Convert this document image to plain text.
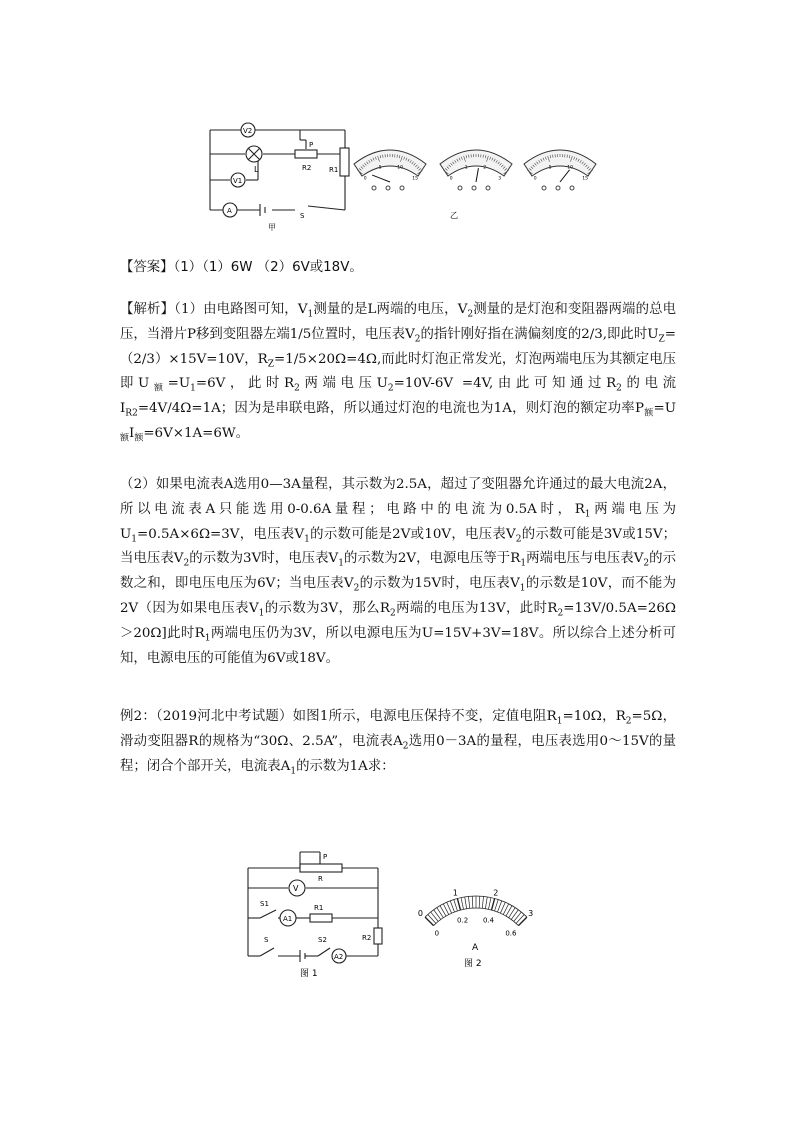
V2
L
P
R2	R1
V1
A
S
甲
0
5	10
15	0
1	2
3	0
5	10
15
乙

【答案】（1）（1）6W （2）6V或18V。

【解析】（1）由电路图可知，$V_1$测量的是L两端的电压，$V_2$测量的是灯泡和变阻器两端的总电压，当滑片P移到变阻器左端1/5位置时，电压表$V_2$的指针刚好指在满偏刻度的2/3,即此时$U_Z=(2/3)\times 15V=10V$，$R_Z=1/5\times 20\Omega=4\Omega$,而此时灯泡正常发光，灯泡两端电压为其额定电压即$U_额=U_1=6V$，此时$R_2$两端电压$U_2=10V-6V =4V$,由此可知通过$R_2$的电流$I_{R2}=4V/4\Omega=1A$；因为是串联电路，所以通过灯泡的电流也为1A，则灯泡的额定功率$P_额=U_额I_额=6V\times 1A=6W$。

（2）如果电流表A选用0—3A量程，其示数为2.5A，超过了变阻器允许通过的最大电流2A，所以电流表A只能选用0-0.6A量程；电路中的电流为0.5A时，$R_1$两端电压为$U_1=0.5A\times 6\Omega=3V$，电压表$V_1$的示数可能是2V或10V，电压表$V_2$的示数可能是3V或15V；当电压表$V_2$的示数为3V时，电压表$V_1$的示数为2V，电源电压等于$R_1$两端电压与电压表$V_2$的示数之和，即电压电压为6V；当电压表$V_2$的示数为15V时，电压表$V_1$的示数是10V，而不能为2V（因为如果电压表$V_1$的示数为3V，那么$R_2$两端的电压为13V，此时$R_2=13V/0.5A=26\Omega>20\Omega$]此时$R_1$两端电压仍为3V，所以电源电压为U=15V+3V=18V。所以综合上述分析可知，电源电压的可能值为6V或18V。

例2：（2019河北中考试题）如图1所示，电源电压保持不变，定值电阻$R_1=10\Omega$，$R_2=5\Omega$，滑动变阻器R的规格为“30Ω、2.5A”，电流表$A_2$选用0－3A的量程，电压表选用0～15V的量程；闭合个部开关，电流表$A_1$的示数为1A求：

P
R
V
S1
A1
R1
S	S2	R2
A2
图 1
0
1	2
3
0
0.2 0.4
0.6
A
图 2
